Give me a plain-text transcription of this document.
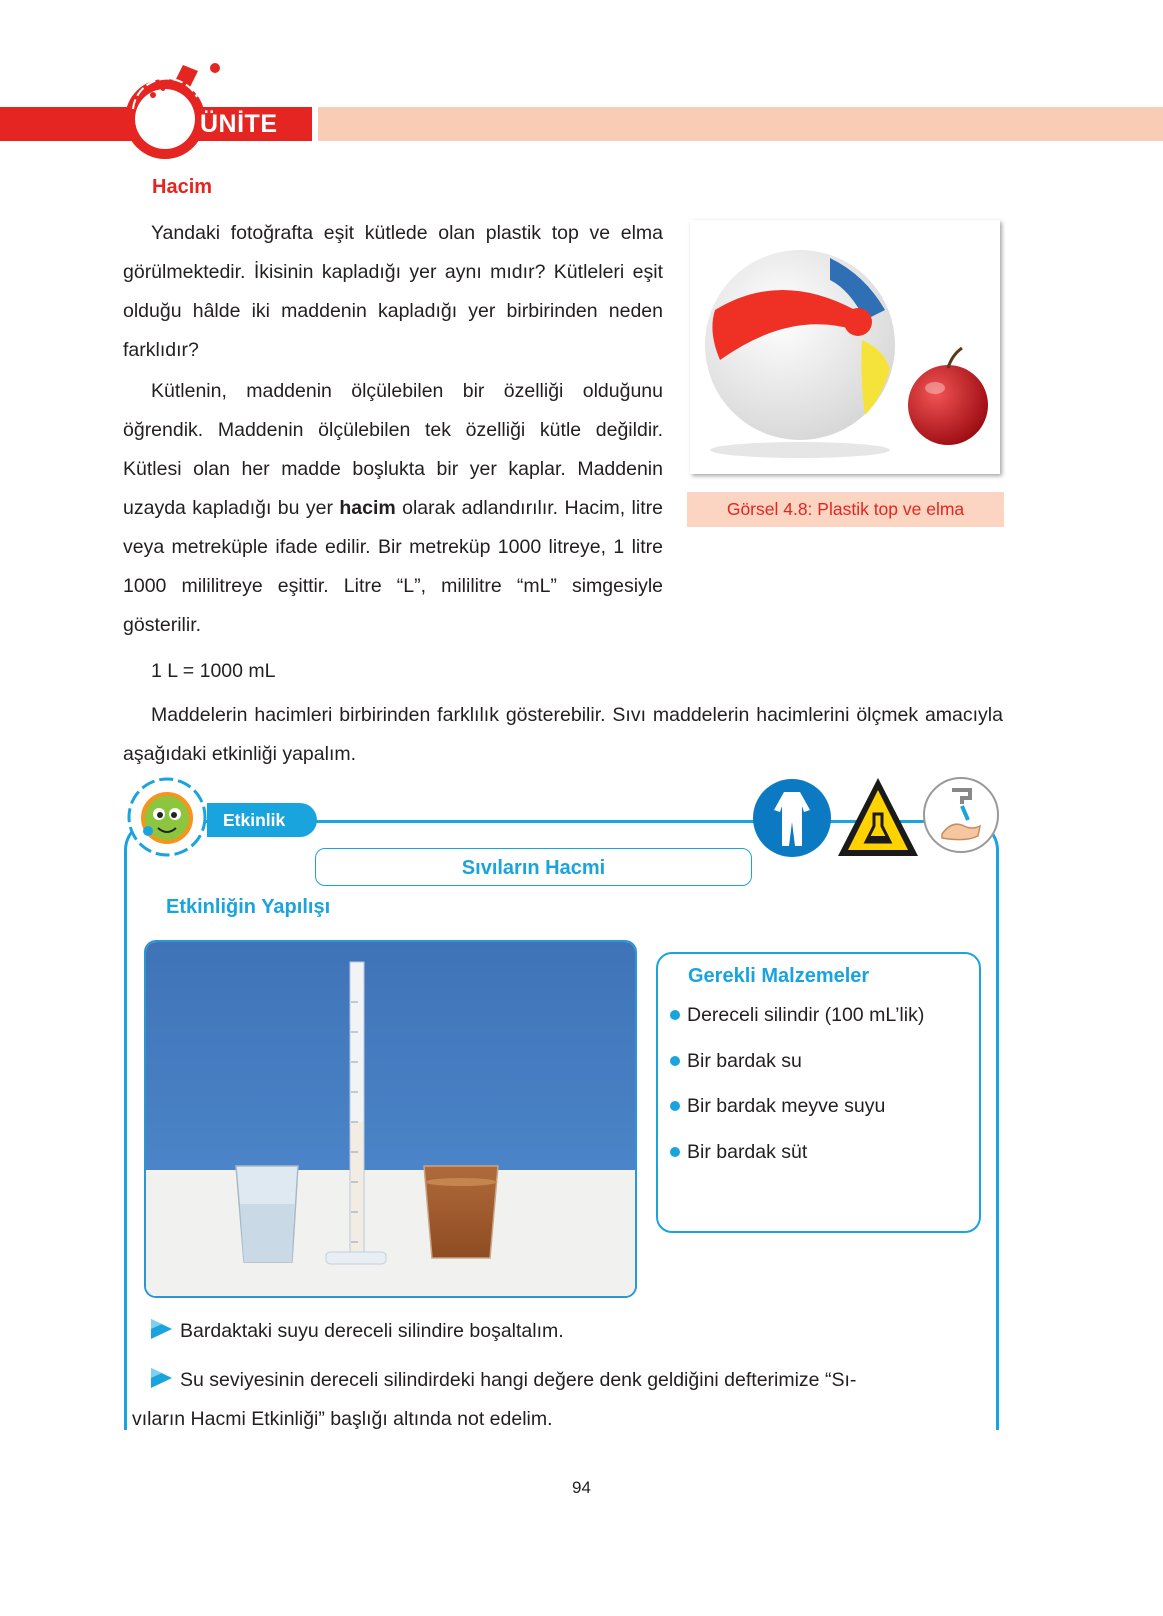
4.	ÜNİTE
Hacim

Yandaki fotoğrafta eşit kütlede olan plastik top ve elma görülmektedir. İkisinin kapladığı yer aynı mıdır? Kütleleri eşit olduğu hâlde iki maddenin kapladığı yer birbirinden neden farklıdır?

Kütlenin, maddenin ölçülebilen bir özelliği olduğunu öğrendik. Maddenin ölçülebilen tek özelliği kütle değildir. Kütlesi olan her madde boşlukta bir yer kaplar. Maddenin uzayda kapladığı bu yer hacim olarak adlandırılır. Hacim, litre veya metreküple ifade edilir. Bir metreküp 1000 litreye, 1 litre 1000 mililitreye eşittir. Litre “L”, mililitre “mL” simgesiyle gösterilir.

1 L = 1000 mL

Maddelerin hacimleri birbirinden farklılık gösterebilir. Sıvı maddelerin hacimlerini ölçmek amacıyla aşağıdaki etkinliği yapalım.

Görsel 4.8: Plastik top ve elma
Etkinlik
Sıvıların Hacmi
Etkinliğin Yapılışı
Gerekli Malzemeler
Dereceli silindir (100 mL’lik)
Bir bardak su
Bir bardak meyve suyu
Bir bardak süt
Bardaktaki suyu dereceli silindire boşaltalım.
Su seviyesinin dereceli silindirdeki hangi değere denk geldiğini defterimize “Sı-
vıların Hacmi Etkinliği” başlığı altında not edelim.
94
